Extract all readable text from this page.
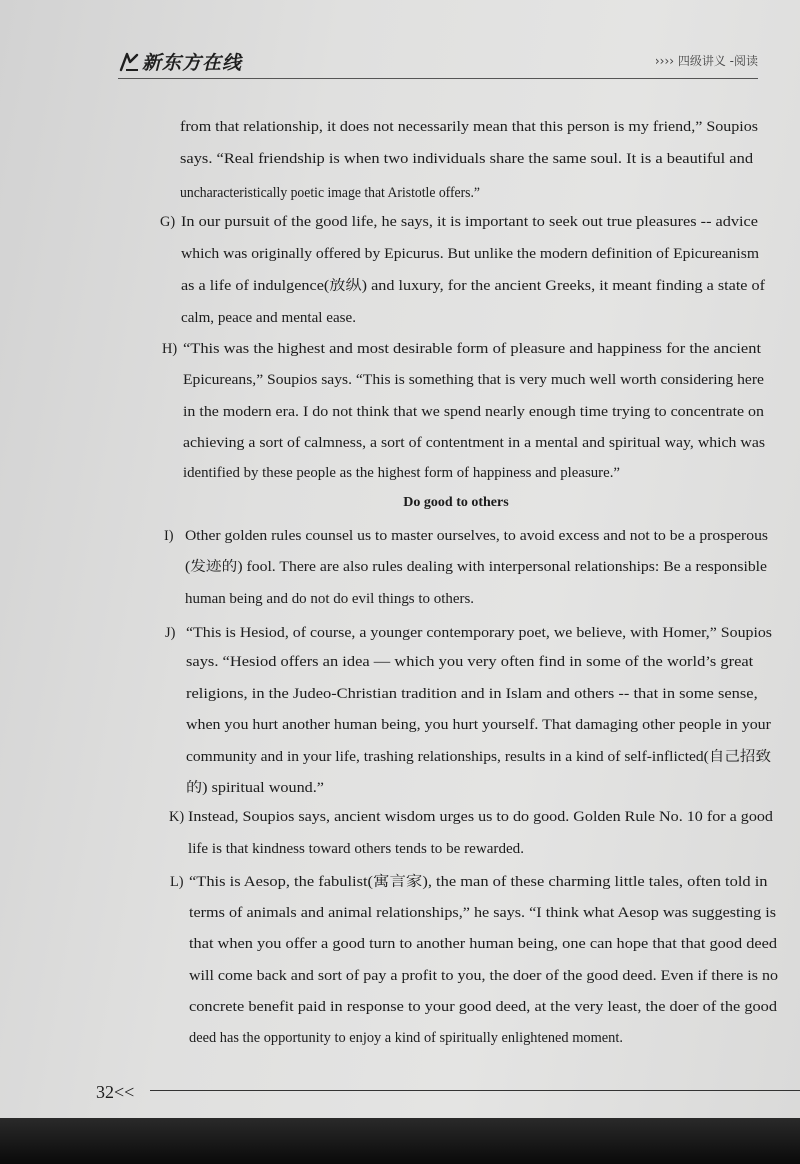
新东方在线	›››› 四级讲义 -阅读
from that relationship, it does not necessarily mean that this person is my friend,” Soupios
says. “Real friendship is when two individuals share the same soul. It is a beautiful and
uncharacteristically poetic image that Aristotle offers.”
G) In our pursuit of the good life, he says, it is important to seek out true pleasures -- advice
which was originally offered by Epicurus. But unlike the modern definition of Epicureanism
as a life of indulgence(放纵) and luxury, for the ancient Greeks, it meant finding a state of
calm, peace and mental ease.
H) “This was the highest and most desirable form of pleasure and happiness for the ancient
Epicureans,” Soupios says. “This is something that is very much well worth considering here
in the modern era. I do not think that we spend nearly enough time trying to concentrate on
achieving a sort of calmness, a sort of contentment in a mental and spiritual way, which was
identified by these people as the highest form of happiness and pleasure.”
I) Other golden rules counsel us to master ourselves, to avoid excess and not to be a prosperous
(发迹的) fool. There are also rules dealing with interpersonal relationships: Be a responsible
human being and do not do evil things to others.
J) “This is Hesiod, of course, a younger contemporary poet, we believe, with Homer,” Soupios
says. “Hesiod offers an idea — which you very often find in some of the world’s great
religions, in the Judeo-Christian tradition and in Islam and others -- that in some sense,
when you hurt another human being, you hurt yourself. That damaging other people in your
community and in your life, trashing relationships, results in a kind of self-inflicted(自己招致
的) spiritual wound.”
K) Instead, Soupios says, ancient wisdom urges us to do good. Golden Rule No. 10 for a good
life is that kindness toward others tends to be rewarded.
L) “This is Aesop, the fabulist(寓言家), the man of these charming little tales, often told in
terms of animals and animal relationships,” he says. “I think what Aesop was suggesting is
that when you offer a good turn to another human being, one can hope that that good deed
will come back and sort of pay a profit to you, the doer of the good deed. Even if there is no
concrete benefit paid in response to your good deed, at the very least, the doer of the good
deed has the opportunity to enjoy a kind of spiritually enlightened moment.
Do good to others
32<<
